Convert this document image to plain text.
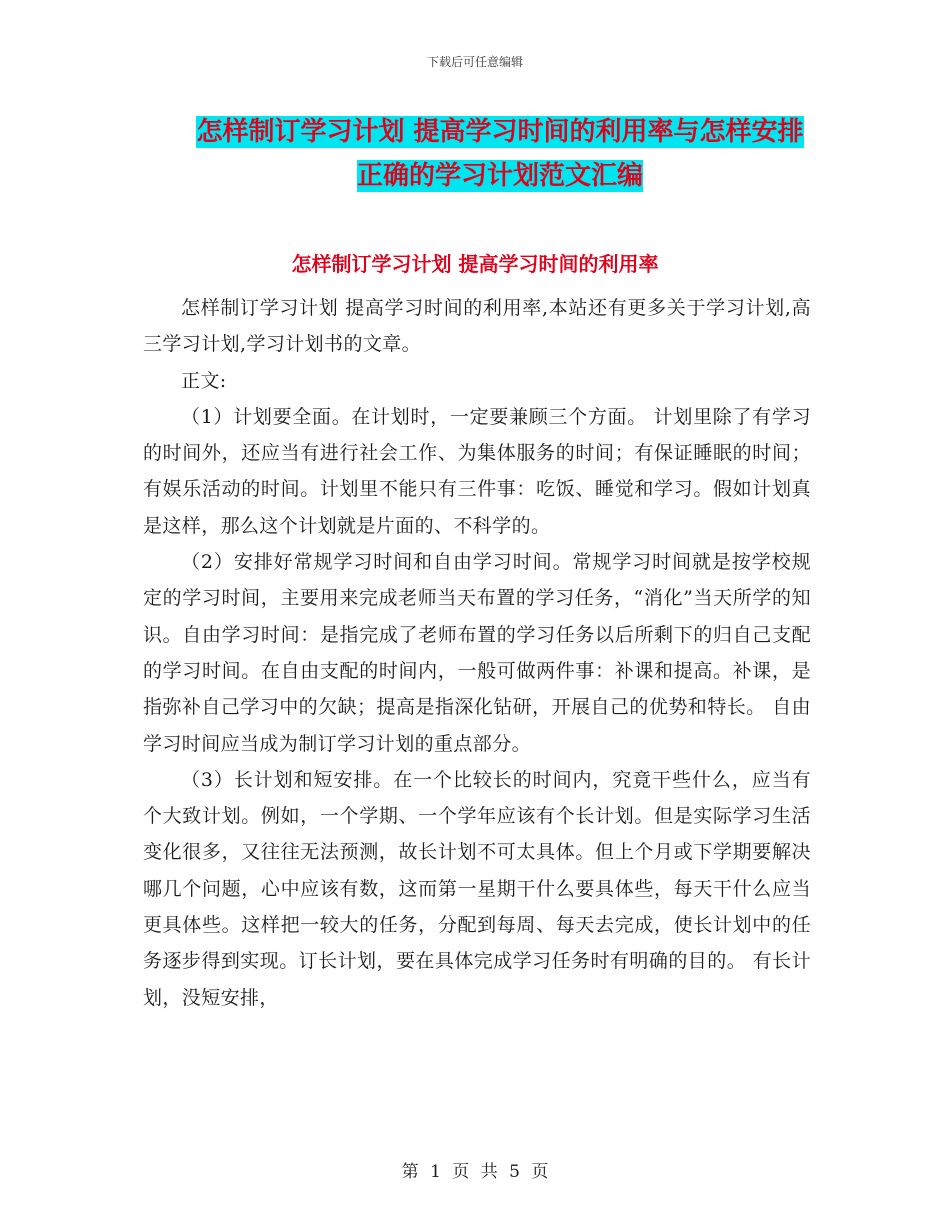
下载后可任意编辑
怎样制订学习计划 提高学习时间的利用率与怎样安排
正确的学习计划范文汇编
怎样制订学习计划 提高学习时间的利用率

怎样制订学习计划 提高学习时间的利用率,本站还有更多关于学习计划,高三学习计划,学习计划书的文章。

正文:

（1）计划要全面。在计划时，一定要兼顾三个方面。 计划里除了有学习的时间外，还应当有进行社会工作、为集体服务的时间；有保证睡眠的时间；有娱乐活动的时间。计划里不能只有三件事：吃饭、睡觉和学习。假如计划真是这样，那么这个计划就是片面的、不科学的。

（2）安排好常规学习时间和自由学习时间。常规学习时间就是按学校规定的学习时间，主要用来完成老师当天布置的学习任务，“消化”当天所学的知识。自由学习时间：是指完成了老师布置的学习任务以后所剩下的归自己支配的学习时间。在自由支配的时间内，一般可做两件事：补课和提高。补课，是指弥补自己学习中的欠缺；提高是指深化钻研，开展自己的优势和特长。 自由学习时间应当成为制订学习计划的重点部分。

（3）长计划和短安排。在一个比较长的时间内，究竟干些什么，应当有个大致计划。例如，一个学期、一个学年应该有个长计划。但是实际学习生活变化很多，又往往无法预测，故长计划不可太具体。但上个月或下学期要解决哪几个问题，心中应该有数，这而第一星期干什么要具体些，每天干什么应当更具体些。这样把一较大的任务，分配到每周、每天去完成，使长计划中的任务逐步得到实现。订长计划，要在具体完成学习任务时有明确的目的。 有长计划，没短安排，

第 1 页 共 5 页
